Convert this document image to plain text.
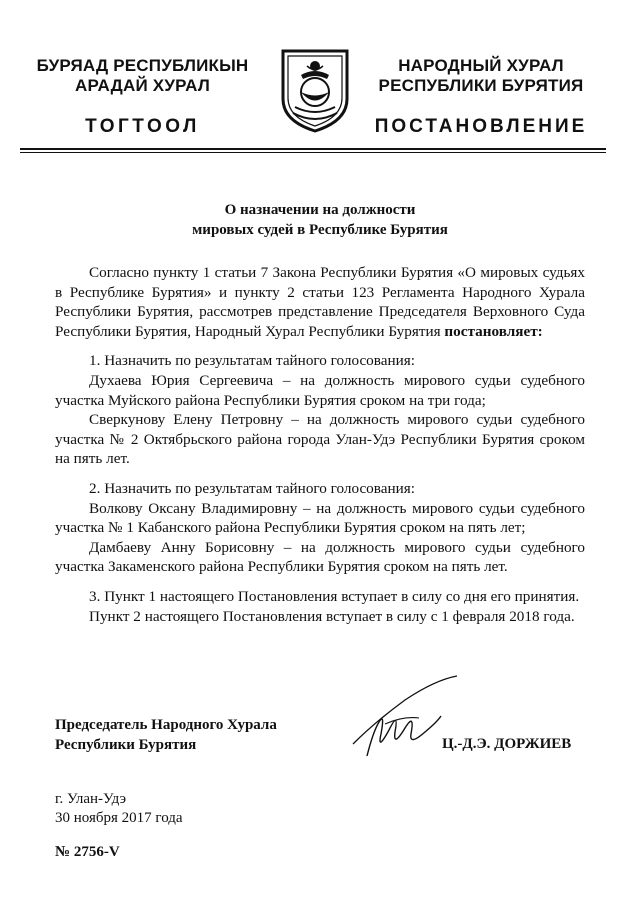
БУРЯАД РЕСПУБЛИКЫН
АРАДАЙ ХУРАЛ
НАРОДНЫЙ ХУРАЛ
РЕСПУБЛИКИ БУРЯТИЯ
ТОГТООЛ	ПОСТАНОВЛЕНИЕ
О назначении на должности
мировых судей в Республике Бурятия

Согласно пункту 1 статьи 7 Закона Республики Бурятия «О мировых судьях в Республике Бурятия» и пункту 2 статьи 123 Регламента Народного Хурала Республики Бурятия, рассмотрев представление Председателя Верховного Суда Республики Бурятия, Народный Хурал Республики Бурятия постановляет:

1. Назначить по результатам тайного голосования:

Духаева Юрия Сергеевича – на должность мирового судьи судебного участка Муйского района Республики Бурятия сроком на три года;

Сверкунову Елену Петровну – на должность мирового судьи судебного участка № 2 Октябрьского района города Улан-Удэ Республики Бурятия сроком на пять лет.

2. Назначить по результатам тайного голосования:

Волкову Оксану Владимировну – на должность мирового судьи судебного участка № 1 Кабанского района Республики Бурятия сроком на пять лет;

Дамбаеву Анну Борисовну – на должность мирового судьи судебного участка Закаменского района Республики Бурятия сроком на пять лет.

3. Пункт 1 настоящего Постановления вступает в силу со дня его принятия.

Пункт 2 настоящего Постановления вступает в силу с 1 февраля 2018 года.

Председатель Народного Хурала
Республики Бурятия	Ц.-Д.Э. ДОРЖИЕВ
г. Улан-Удэ
30 ноября 2017 года
№ 2756-V
